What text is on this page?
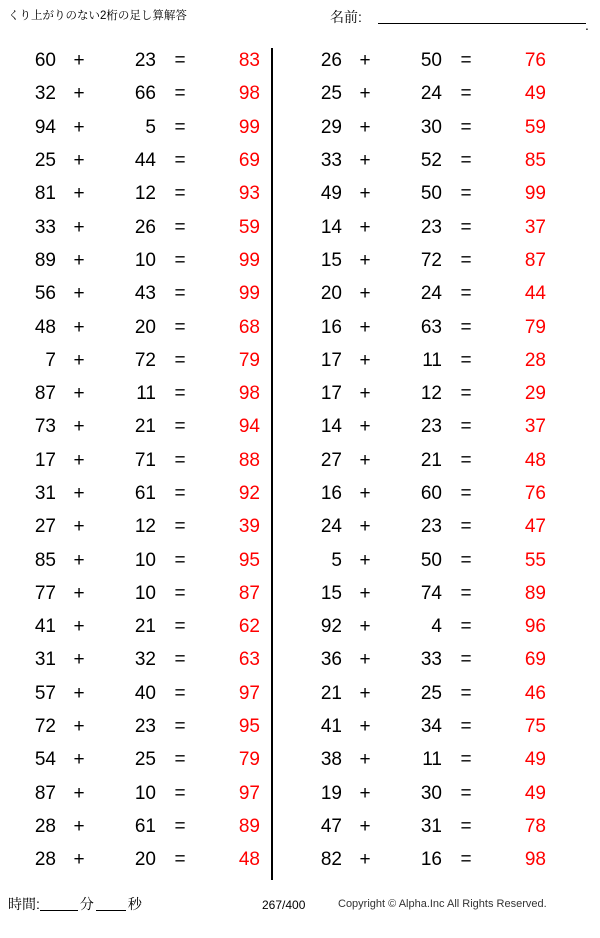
くり上がりのない2桁の足し算解答	名前:	.
60 +	23 =	83
32 +	66 =	98
94 +	5 =	99
25 +	44 =	69
81 +	12 =	93
33 +	26 =	59
89 +	10 =	99
56 +	43 =	99
48 +	20 =	68
7 +	72 =	79
87 +	11 =	98
73 +	21 =	94
17 +	71 =	88
31 +	61 =	92
27 +	12 =	39
85 +	10 =	95
77 +	10 =	87
41 +	21 =	62
31 +	32 =	63
57 +	40 =	97
72 +	23 =	95
54 +	25 =	79
87 +	10 =	97
28 +	61 =	89
28 +	20 =	48
26 +	50 =	76
25 +	24 =	49
29 +	30 =	59
33 +	52 =	85
49 +	50 =	99
14 +	23 =	37
15 +	72 =	87
20 +	24 =	44
16 +	63 =	79
17 +	11 =	28
17 +	12 =	29
14 +	23 =	37
27 +	21 =	48
16 +	60 =	76
24 +	23 =	47
5 +	50 =	55
15 +	74 =	89
92 +	4 =	96
36 +	33 =	69
21 +	25 =	46
41 +	34 =	75
38 +	11 =	49
19 +	30 =	49
47 +	31 =	78
82 +	16 =	98
時間:	分 秒	267/400	Copyright © Alpha.Inc All Rights Reserved.
